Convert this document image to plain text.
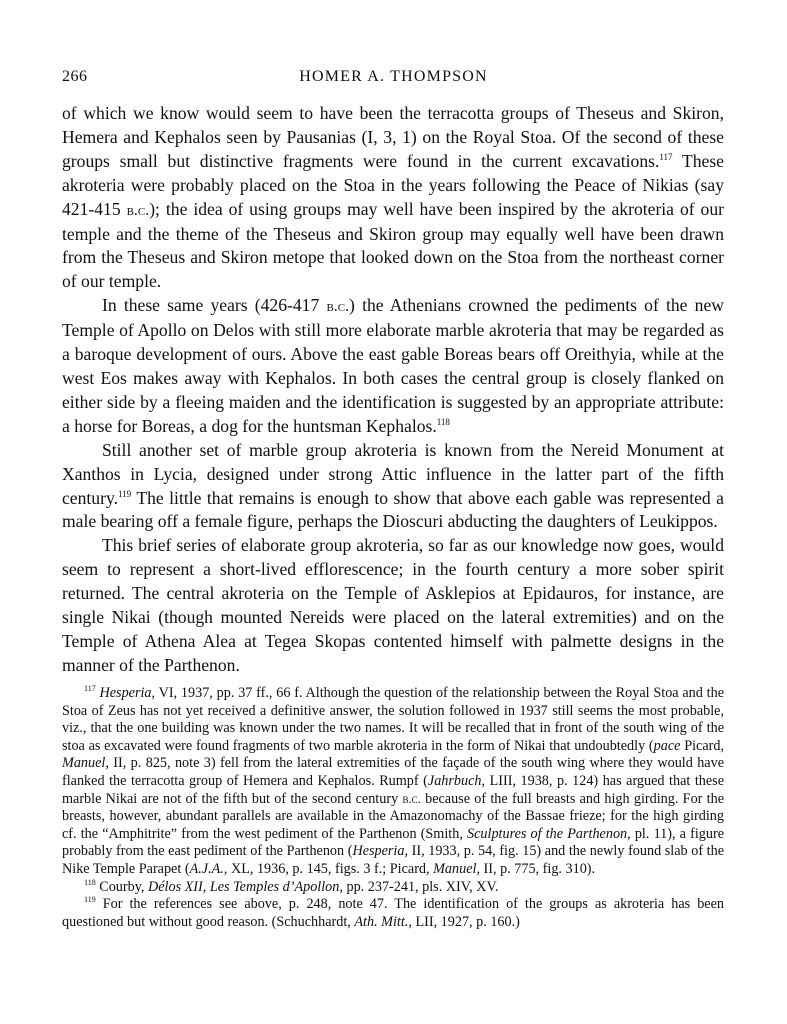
266	HOMER A. THOMPSON

of which we know would seem to have been the terracotta groups of Theseus and Skiron, Hemera and Kephalos seen by Pausanias (I, 3, 1) on the Royal Stoa. Of the second of these groups small but distinctive fragments were found in the current excavations.$^{117}$ These akroteria were probably placed on the Stoa in the years following the Peace of Nikias (say 421-415 b.c.); the idea of using groups may well have been inspired by the akroteria of our temple and the theme of the Theseus and Skiron group may equally well have been drawn from the Theseus and Skiron metope that looked down on the Stoa from the northeast corner of our temple.

In these same years (426-417 b.c.) the Athenians crowned the pediments of the new Temple of Apollo on Delos with still more elaborate marble akroteria that may be regarded as a baroque development of ours. Above the east gable Boreas bears off Oreithyia, while at the west Eos makes away with Kephalos. In both cases the central group is closely flanked on either side by a fleeing maiden and the identification is suggested by an appropriate attribute: a horse for Boreas, a dog for the huntsman Kephalos.$^{118}$

Still another set of marble group akroteria is known from the Nereid Monument at Xanthos in Lycia, designed under strong Attic influence in the latter part of the fifth century.$^{119}$ The little that remains is enough to show that above each gable was represented a male bearing off a female figure, perhaps the Dioscuri abducting the daughters of Leukippos.

This brief series of elaborate group akroteria, so far as our knowledge now goes, would seem to represent a short-lived efflorescence; in the fourth century a more sober spirit returned. The central akroteria on the Temple of Asklepios at Epidauros, for instance, are single Nikai (though mounted Nereids were placed on the lateral extremities) and on the Temple of Athena Alea at Tegea Skopas contented himself with palmette designs in the manner of the Parthenon.

$^{117}$ Hesperia, VI, 1937, pp. 37 ff., 66 f. Although the question of the relationship between the Royal Stoa and the Stoa of Zeus has not yet received a definitive answer, the solution followed in 1937 still seems the most probable, viz., that the one building was known under the two names. It will be recalled that in front of the south wing of the stoa as excavated were found fragments of two marble akroteria in the form of Nikai that undoubtedly (pace Picard, Manuel, II, p. 825, note 3) fell from the lateral extremities of the façade of the south wing where they would have flanked the terracotta group of Hemera and Kephalos. Rumpf (Jahrbuch, LIII, 1938, p. 124) has argued that these marble Nikai are not of the fifth but of the second century b.c. because of the full breasts and high girding. For the breasts, however, abundant parallels are available in the Amazonomachy of the Bassae frieze; for the high girding cf. the “Amphitrite” from the west pediment of the Parthenon (Smith, Sculptures of the Parthenon, pl. 11), a figure probably from the east pediment of the Parthenon (Hesperia, II, 1933, p. 54, fig. 15) and the newly found slab of the Nike Temple Parapet (A.J.A., XL, 1936, p. 145, figs. 3 f.; Picard, Manuel, II, p. 775, fig. 310).

$^{118}$ Courby, Délos XII, Les Temples d’Apollon, pp. 237-241, pls. XIV, XV.

$^{119}$ For the references see above, p. 248, note 47. The identification of the groups as akroteria has been questioned but without good reason. (Schuchhardt, Ath. Mitt., LII, 1927, p. 160.)
